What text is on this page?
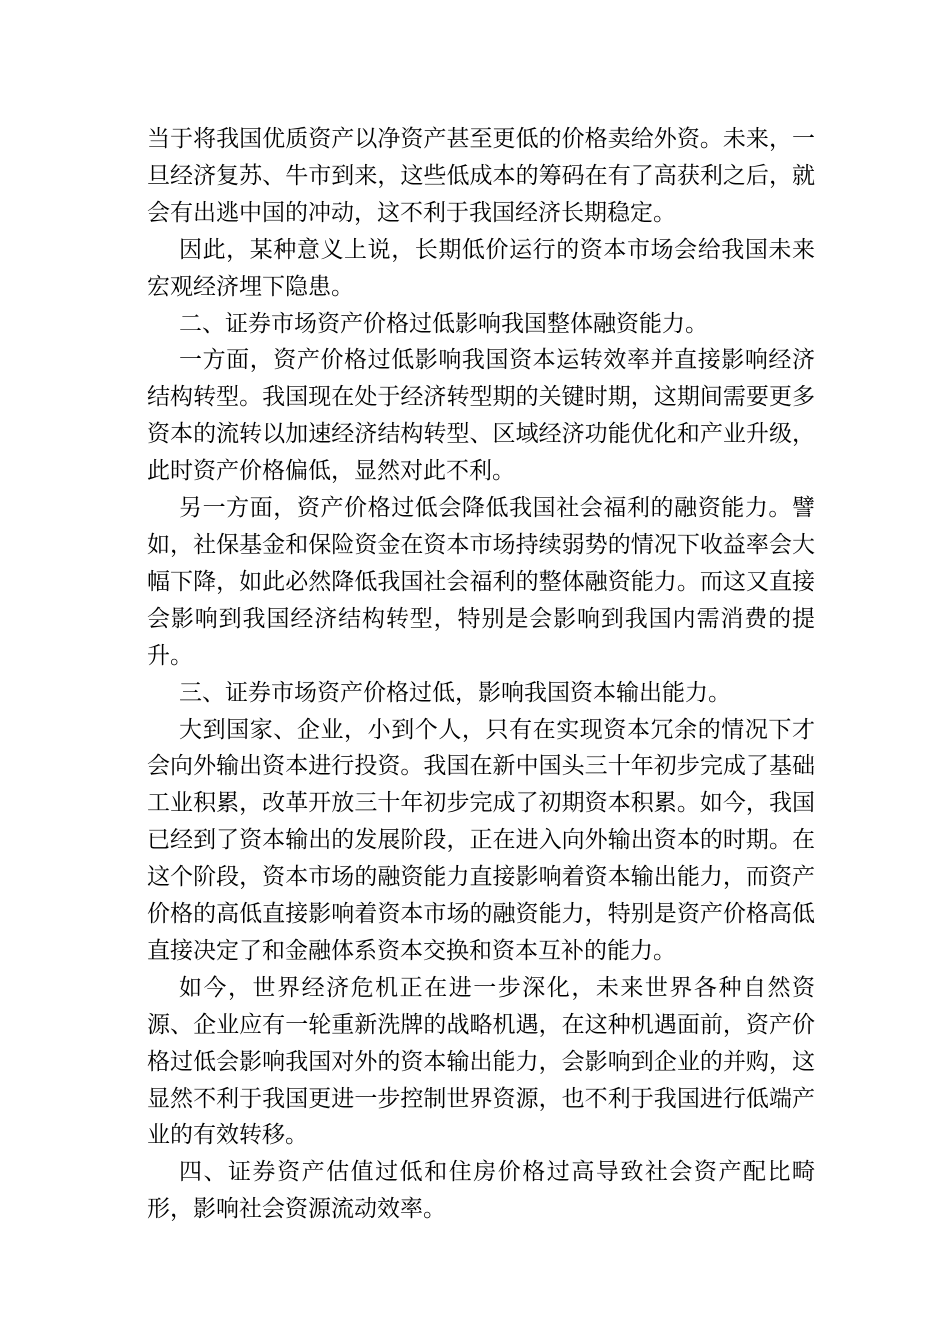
当于将我国优质资产以净资产甚至更低的价格卖给外资。未来，一旦经济复苏、牛市到来，这些低成本的筹码在有了高获利之后，就会有出逃中国的冲动，这不利于我国经济长期稳定。

因此，某种意义上说，长期低价运行的资本市场会给我国未来宏观经济埋下隐患。

二、证券市场资产价格过低影响我国整体融资能力。

一方面，资产价格过低影响我国资本运转效率并直接影响经济结构转型。我国现在处于经济转型期的关键时期，这期间需要更多资本的流转以加速经济结构转型、区域经济功能优化和产业升级，此时资产价格偏低，显然对此不利。

另一方面，资产价格过低会降低我国社会福利的融资能力。譬如，社保基金和保险资金在资本市场持续弱势的情况下收益率会大幅下降，如此必然降低我国社会福利的整体融资能力。而这又直接会影响到我国经济结构转型，特别是会影响到我国内需消费的提升。

三、证券市场资产价格过低，影响我国资本输出能力。

大到国家、企业，小到个人，只有在实现资本冗余的情况下才会向外输出资本进行投资。我国在新中国头三十年初步完成了基础工业积累，改革开放三十年初步完成了初期资本积累。如今，我国已经到了资本输出的发展阶段，正在进入向外输出资本的时期。在这个阶段，资本市场的融资能力直接影响着资本输出能力，而资产价格的高低直接影响着资本市场的融资能力，特别是资产价格高低直接决定了和金融体系资本交换和资本互补的能力。

如今，世界经济危机正在进一步深化，未来世界各种自然资源、企业应有一轮重新洗牌的战略机遇，在这种机遇面前，资产价格过低会影响我国对外的资本输出能力，会影响到企业的并购，这显然不利于我国更进一步控制世界资源，也不利于我国进行低端产业的有效转移。

四、证券资产估值过低和住房价格过高导致社会资产配比畸形，影响社会资源流动效率。
